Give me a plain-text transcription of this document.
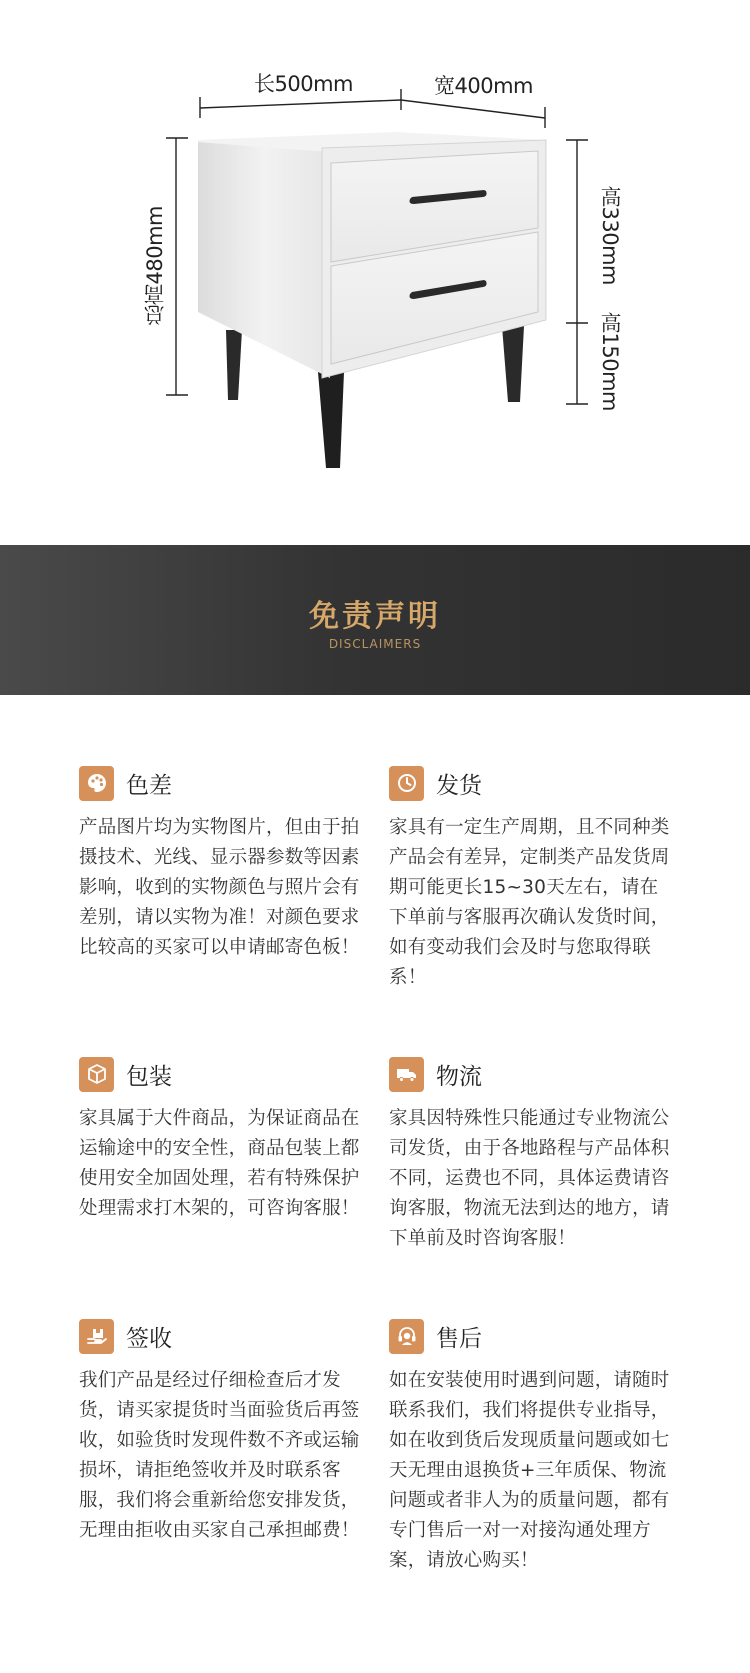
长500mm	宽400mm
总高480mm	高330mm
高150mm
免责声明
DISCLAIMERS
色差
产品图片均为实物图片，但由于拍摄技术、光线、显示器参数等因素影响，收到的实物颜色与照片会有差别，请以实物为准！对颜色要求比较高的买家可以申请邮寄色板！
发货
家具有一定生产周期，且不同种类产品会有差异，定制类产品发货周期可能更长15~30天左右，请在下单前与客服再次确认发货时间，如有变动我们会及时与您取得联系！
包装
家具属于大件商品，为保证商品在运输途中的安全性，商品包装上都使用安全加固处理，若有特殊保护处理需求打木架的，可咨询客服！
物流
家具因特殊性只能通过专业物流公司发货，由于各地路程与产品体积不同，运费也不同，具体运费请咨询客服，物流无法到达的地方，请下单前及时咨询客服！
签收
我们产品是经过仔细检查后才发货，请买家提货时当面验货后再签收，如验货时发现件数不齐或运输损坏，请拒绝签收并及时联系客服，我们将会重新给您安排发货，无理由拒收由买家自己承担邮费！
售后
如在安装使用时遇到问题，请随时联系我们，我们将提供专业指导，如在收到货后发现质量问题或如七天无理由退换货+三年质保、物流问题或者非人为的质量问题，都有专门售后一对一对接沟通处理方案，请放心购买！
